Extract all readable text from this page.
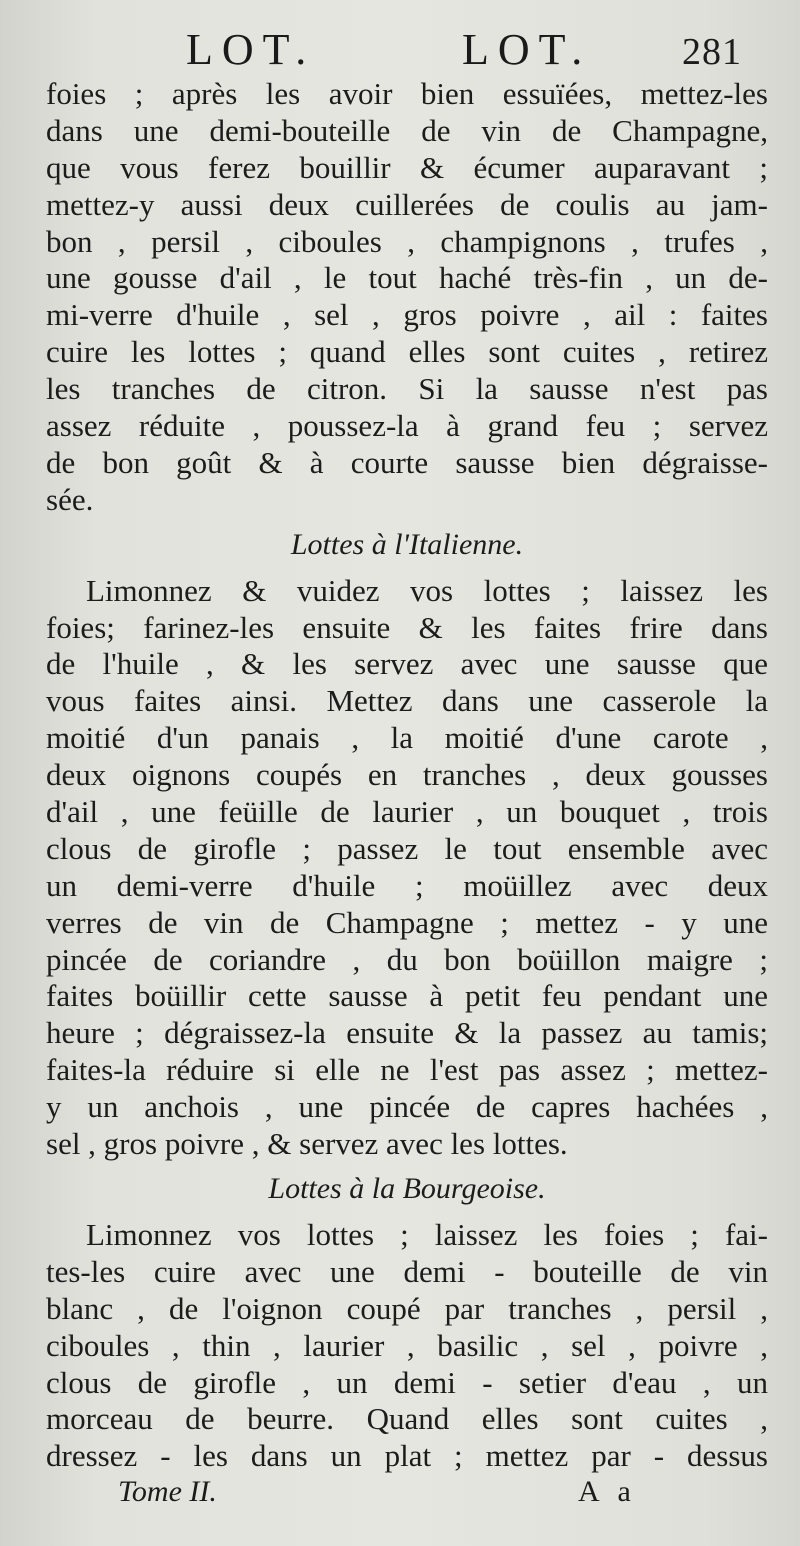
LOT.	LOT. 281
foies ; après les avoir bien essuïées, mettez-les
dans une demi-bouteille de vin de Champagne,
que vous ferez bouillir & écumer auparavant ;
mettez-y aussi deux cuillerées de coulis au jam-
bon , persil , ciboules , champignons , trufes ,
une gousse d'ail , le tout haché très-fin , un de-
mi-verre d'huile , sel , gros poivre , ail : faites
cuire les lottes ; quand elles sont cuites , retirez
les tranches de citron. Si la sausse n'est pas
assez réduite , poussez-la à grand feu ; servez
de bon goût & à courte sausse bien dégraisse-
sée.
Lottes à l'Italienne.
Limonnez & vuidez vos lottes ; laissez les
foies; farinez-les ensuite & les faites frire dans
de l'huile , & les servez avec une sausse que
vous faites ainsi. Mettez dans une casserole la
moitié d'un panais , la moitié d'une carote ,
deux oignons coupés en tranches , deux gousses
d'ail , une feüille de laurier , un bouquet , trois
clous de girofle ; passez le tout ensemble avec
un demi-verre d'huile ; moüillez avec deux
verres de vin de Champagne ; mettez - y une
pincée de coriandre , du bon boüillon maigre ;
faites boüillir cette sausse à petit feu pendant une
heure ; dégraissez-la ensuite & la passez au tamis;
faites-la réduire si elle ne l'est pas assez ; mettez-
y un anchois , une pincée de capres hachées ,
sel , gros poivre , & servez avec les lottes.
Lottes à la Bourgeoise.
Limonnez vos lottes ; laissez les foies ; fai-
tes-les cuire avec une demi - bouteille de vin
blanc , de l'oignon coupé par tranches , persil ,
ciboules , thin , laurier , basilic , sel , poivre ,
clous de girofle , un demi - setier d'eau , un
morceau de beurre. Quand elles sont cuites ,
dressez - les dans un plat ; mettez par - dessus
Tome II.	A a
